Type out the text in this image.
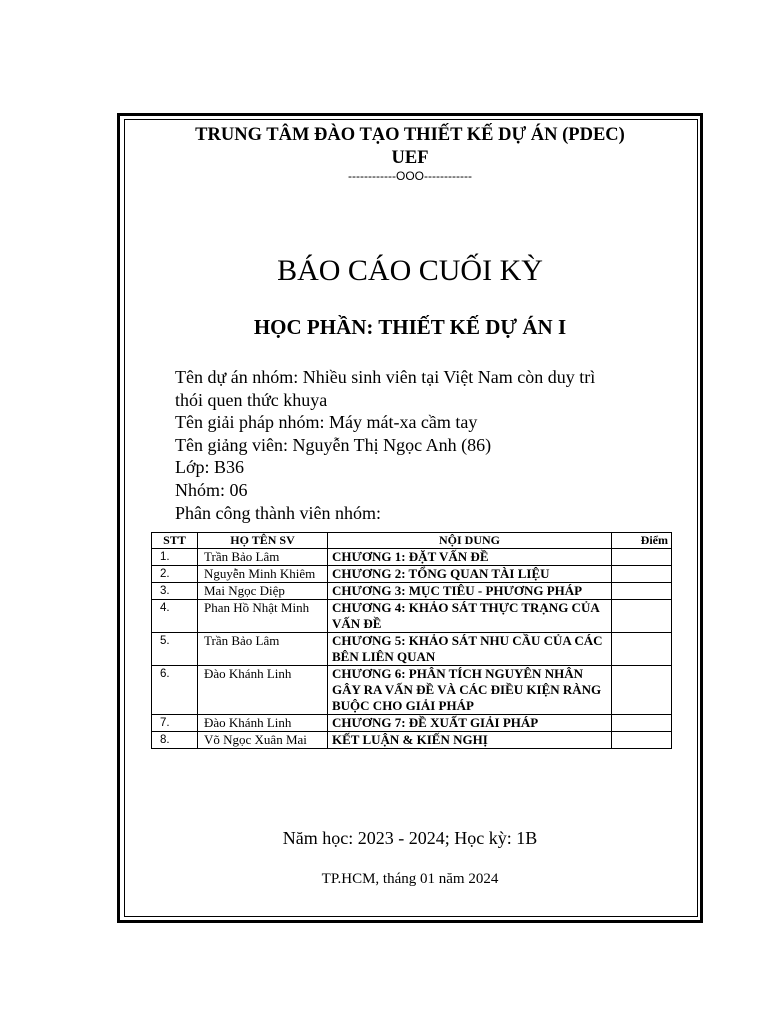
TRUNG TÂM ĐÀO TẠO THIẾT KẾ DỰ ÁN (PDEC)
UEF
------------OOO------------
BÁO CÁO CUỐI KỲ
HỌC PHẦN: THIẾT KẾ DỰ ÁN I
Tên dự án nhóm: Nhiều sinh viên tại Việt Nam còn duy trì
thói quen thức khuya
Tên giải pháp nhóm: Máy mát-xa cầm tay
Tên giảng viên: Nguyễn Thị Ngọc Anh (86)
Lớp: B36
Nhóm: 06
Phân công thành viên nhóm:
STT	HỌ TÊN SV	NỘI DUNG	Điểm
1.	Trần Bảo Lâm	CHƯƠNG 1: ĐẶT VẤN ĐỀ	
2.	Nguyễn Minh Khiêm	CHƯƠNG 2: TỔNG QUAN TÀI LIỆU	
3.	Mai Ngọc Diệp	CHƯƠNG 3: MỤC TIÊU - PHƯƠNG PHÁP	
4.	Phan Hồ Nhật Minh	CHƯƠNG 4: KHẢO SÁT THỰC TRẠNG CỦA VẤN ĐỀ	
5.	Trần Bảo Lâm	CHƯƠNG 5: KHẢO SÁT NHU CẦU CỦA CÁC BÊN LIÊN QUAN	
6.	Đào Khánh Linh	CHƯƠNG 6: PHÂN TÍCH NGUYÊN NHÂN GÂY RA VẤN ĐỀ VÀ CÁC ĐIỀU KIỆN RÀNG BUỘC CHO GIẢI PHÁP	
7.	Đào Khánh Linh	CHƯƠNG 7: ĐỀ XUẤT GIẢI PHÁP	
8.	Võ Ngọc Xuân Mai	KẾT LUẬN & KIẾN NGHỊ	
Năm học: 2023 - 2024; Học kỳ: 1B
TP.HCM, tháng 01 năm 2024
